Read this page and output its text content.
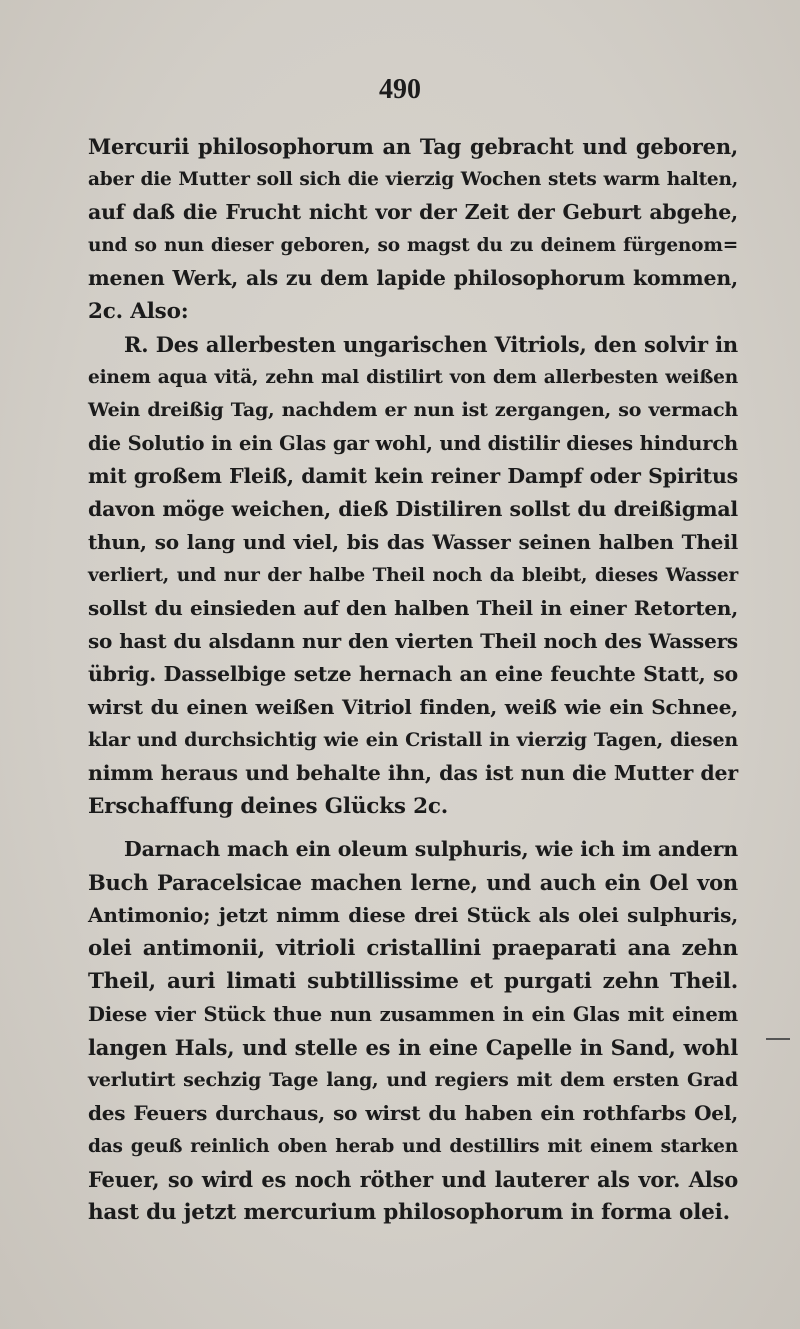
490
Mercurii philosophorum an Tag gebracht und geboren,
aber die Mutter soll sich die vierzig Wochen stets warm halten,
auf daß die Frucht nicht vor der Zeit der Geburt abgehe,
und so nun dieser geboren, so magst du zu deinem fürgenom=
menen Werk, als zu dem lapide philosophorum kommen,
2c. Also:
R. Des allerbesten ungarischen Vitriols, den solvir in
einem aqua vitä, zehn mal distilirt von dem allerbesten weißen
Wein dreißig Tag, nachdem er nun ist zergangen, so vermach
die Solutio in ein Glas gar wohl, und distilir dieses hindurch
mit großem Fleiß, damit kein reiner Dampf oder Spiritus
davon möge weichen, dieß Distiliren sollst du dreißigmal
thun, so lang und viel, bis das Wasser seinen halben Theil
verliert, und nur der halbe Theil noch da bleibt, dieses Wasser
sollst du einsieden auf den halben Theil in einer Retorten,
so hast du alsdann nur den vierten Theil noch des Wassers
übrig. Dasselbige setze hernach an eine feuchte Statt, so
wirst du einen weißen Vitriol finden, weiß wie ein Schnee,
klar und durchsichtig wie ein Cristall in vierzig Tagen, diesen
nimm heraus und behalte ihn, das ist nun die Mutter der
Erschaffung deines Glücks 2c.
Darnach mach ein oleum sulphuris, wie ich im andern
Buch Paracelsicae machen lerne, und auch ein Oel von
Antimonio; jetzt nimm diese drei Stück als olei sulphuris,
olei antimonii, vitrioli cristallini praeparati ana zehn
Theil, auri limati subtillissime et purgati zehn Theil.
Diese vier Stück thue nun zusammen in ein Glas mit einem
langen Hals, und stelle es in eine Capelle in Sand, wohl
verlutirt sechzig Tage lang, und regiers mit dem ersten Grad
des Feuers durchaus, so wirst du haben ein rothfarbs Oel,
das geuß reinlich oben herab und destillirs mit einem starken
Feuer, so wird es noch röther und lauterer als vor. Also
hast du jetzt mercurium philosophorum in forma olei.
